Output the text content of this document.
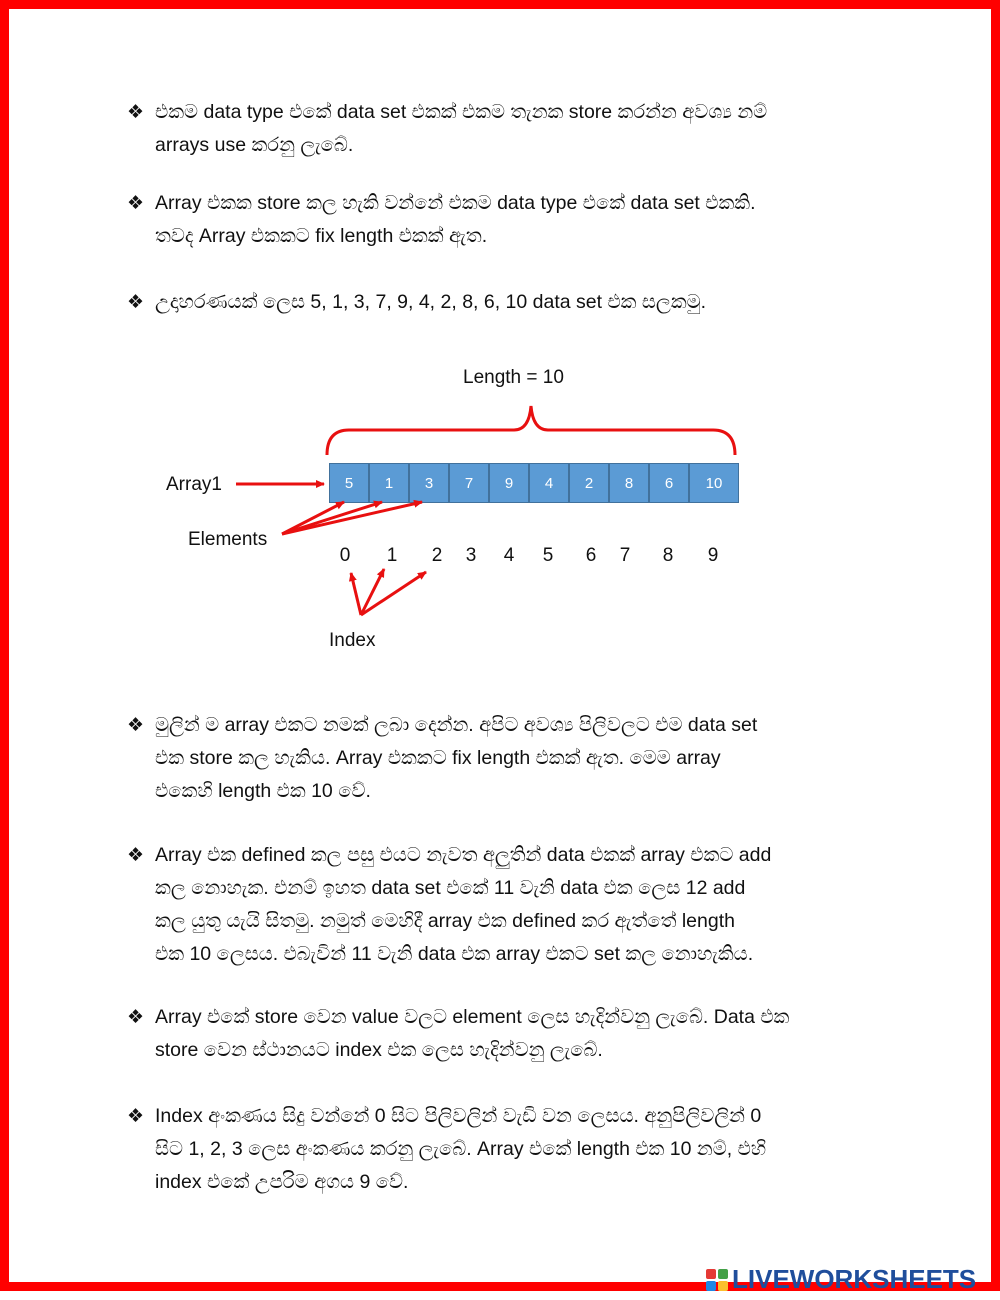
❖ එකම data type එකේ data set එකක් එකම තැනක store කරන්න අවශ්‍ය නම්
arrays use කරනු ලැබේ.
❖ Array එකක store කල හැකි වන්නේ එකම data type එකේ data set එකකි.
තවද Array එකකට fix length එකක් ඇත.
❖ උදාහරණයක් ලෙස 5, 1, 3, 7, 9, 4, 2, 8, 6, 10 data set එක සලකමු.
❖ මුලින් ම array එකට නමක් ලබා දෙන්න. අපිට අවශ්‍ය පිලිවලට එම data set
එක store කල හැකිය. Array එකකට fix length එකක් ඇත. මෙම array
එකෙහි length එක 10 වේ.
❖ Array එක defined කල පසු එයට නැවත අලුතින් data එකක් array එකට add
කල නොහැක. එනම් ඉහත data set එකේ 11 වැනි data එක ලෙස 12 add
කල යුතු යැයි සිතමු. නමුත් මෙහිදී array එක defined කර ඇත්තේ length
එක 10 ලෙසය. එබැවින් 11 වැනි data එක array එකට set කල නොහැකිය.
❖ Array එකේ store වෙන value වලට element ලෙස හැදින්වනු ලැබේ. Data එක
store වෙන ස්ථානයට index එක ලෙස හැදින්වනු ලැබේ.
❖ Index අංකණය සිදු වන්නේ 0 සිට පිලිවලින් වැඩි වන ලෙසය. අනුපිලිවලින් 0
සිට 1, 2, 3 ලෙස අංකණය කරනු ලැබේ. Array එකේ length එක 10 නම්, එහි
index එකේ උපරිම අගය 9 වේ.
Length = 10
Array1
Elements
Index
5	1	3	7	9	4	2	8	6	10
0 1 2 3 4 5 6 7 8 9
LIVEWORKSHEETS
